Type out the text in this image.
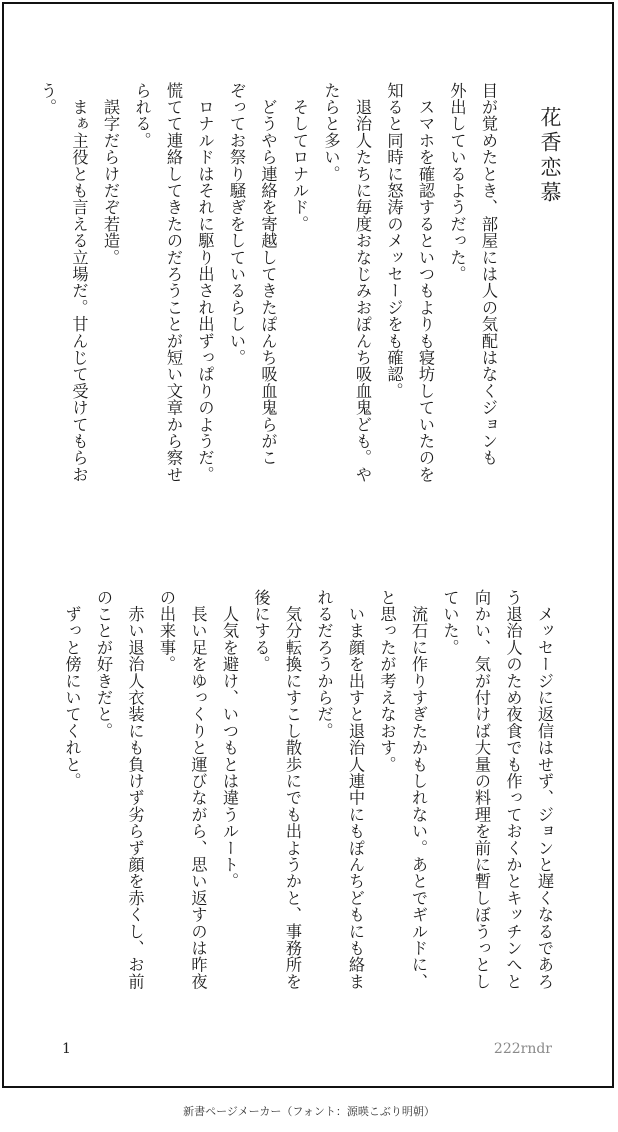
花香恋慕
目が覚めたとき、部屋には人の気配はなくジョンも
外出しているようだった。
　スマホを確認するといつもよりも寝坊していたのを
知ると同時に怒涛のメッセージをも確認。
　退治人たちに毎度おなじみおぽんち吸血鬼ども。や
たらと多い。
　そしてロナルド。
　どうやら連絡を寄越してきたぽんち吸血鬼らがこ
ぞってお祭り騒ぎをしているらしい。
　ロナルドはそれに駆り出され出ずっぱりのようだ。
慌てて連絡してきたのだろうことが短い文章から察せ
られる。
　誤字だらけだぞ若造。
　まぁ主役とも言える立場だ。甘んじて受けてもらお
う。
　メッセージに返信はせず、ジョンと遅くなるであろ
う退治人のため夜食でも作っておくかとキッチンへと
向かい、気が付けば大量の料理を前に暫しぼうっとし
ていた。
　流石に作りすぎたかもしれない。あとでギルドに、
と思ったが考えなおす。
　いま顔を出すと退治人連中にもぽんちどもにも絡ま
れるだろうからだ。
　気分転換にすこし散歩にでも出ようかと、事務所を
後にする。
　人気を避け、いつもとは違うルート。
　長い足をゆっくりと運びながら、思い返すのは昨夜
の出来事。
　赤い退治人衣装にも負けず劣らず顔を赤くし、お前
のことが好きだと。
　ずっと傍にいてくれと。
1	222rndr
新書ページメーカー（フォント：源暎こぶり明朝）
